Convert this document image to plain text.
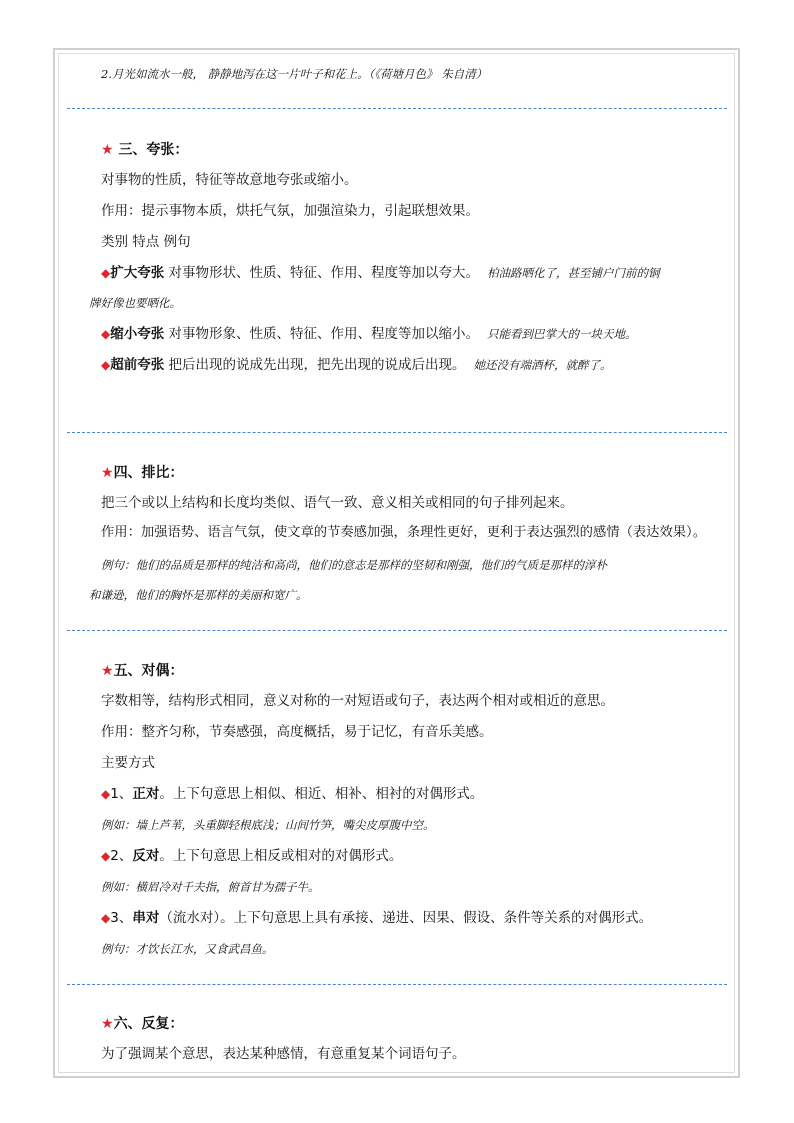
2.月光如流水一般， 静静地泻在这一片叶子和花上。（《荷塘月色》 朱自清）
★ 三、夸张：
对事物的性质，特征等故意地夸张或缩小。
作用：提示事物本质，烘托气氛，加强渲染力，引起联想效果。
类别 特点 例句
◆扩大夸张 对事物形状、性质、特征、作用、程度等加以夸大。 柏油路晒化了，甚至铺户门前的铜
牌好像也要晒化。
◆缩小夸张 对事物形象、性质、特征、作用、程度等加以缩小。 只能看到巴掌大的一块天地。
◆超前夸张 把后出现的说成先出现，把先出现的说成后出现。 她还没有端酒杯，就醉了。
★四、排比：
把三个或以上结构和长度均类似、语气一致、意义相关或相同的句子排列起来。
作用：加强语势、语言气氛，使文章的节奏感加强，条理性更好，更利于表达强烈的感情（表达效果）。
例句：他们的品质是那样的纯洁和高尚，他们的意志是那样的坚韧和刚强，他们的气质是那样的淳朴
和谦逊，他们的胸怀是那样的美丽和宽广。
★五、对偶：
字数相等，结构形式相同，意义对称的一对短语或句子，表达两个相对或相近的意思。
作用：整齐匀称，节奏感强，高度概括，易于记忆，有音乐美感。
主要方式
◆1、正对。上下句意思上相似、相近、相补、相衬的对偶形式。
例如：墙上芦苇，头重脚轻根底浅；山间竹笋，嘴尖皮厚腹中空。
◆2、反对。上下句意思上相反或相对的对偶形式。
例如：横眉冷对千夫指，俯首甘为孺子牛。
◆3、串对（流水对）。上下句意思上具有承接、递进、因果、假设、条件等关系的对偶形式。
例句：才饮长江水，又食武昌鱼。
★六、反复：
为了强调某个意思，表达某种感情，有意重复某个词语句子。
